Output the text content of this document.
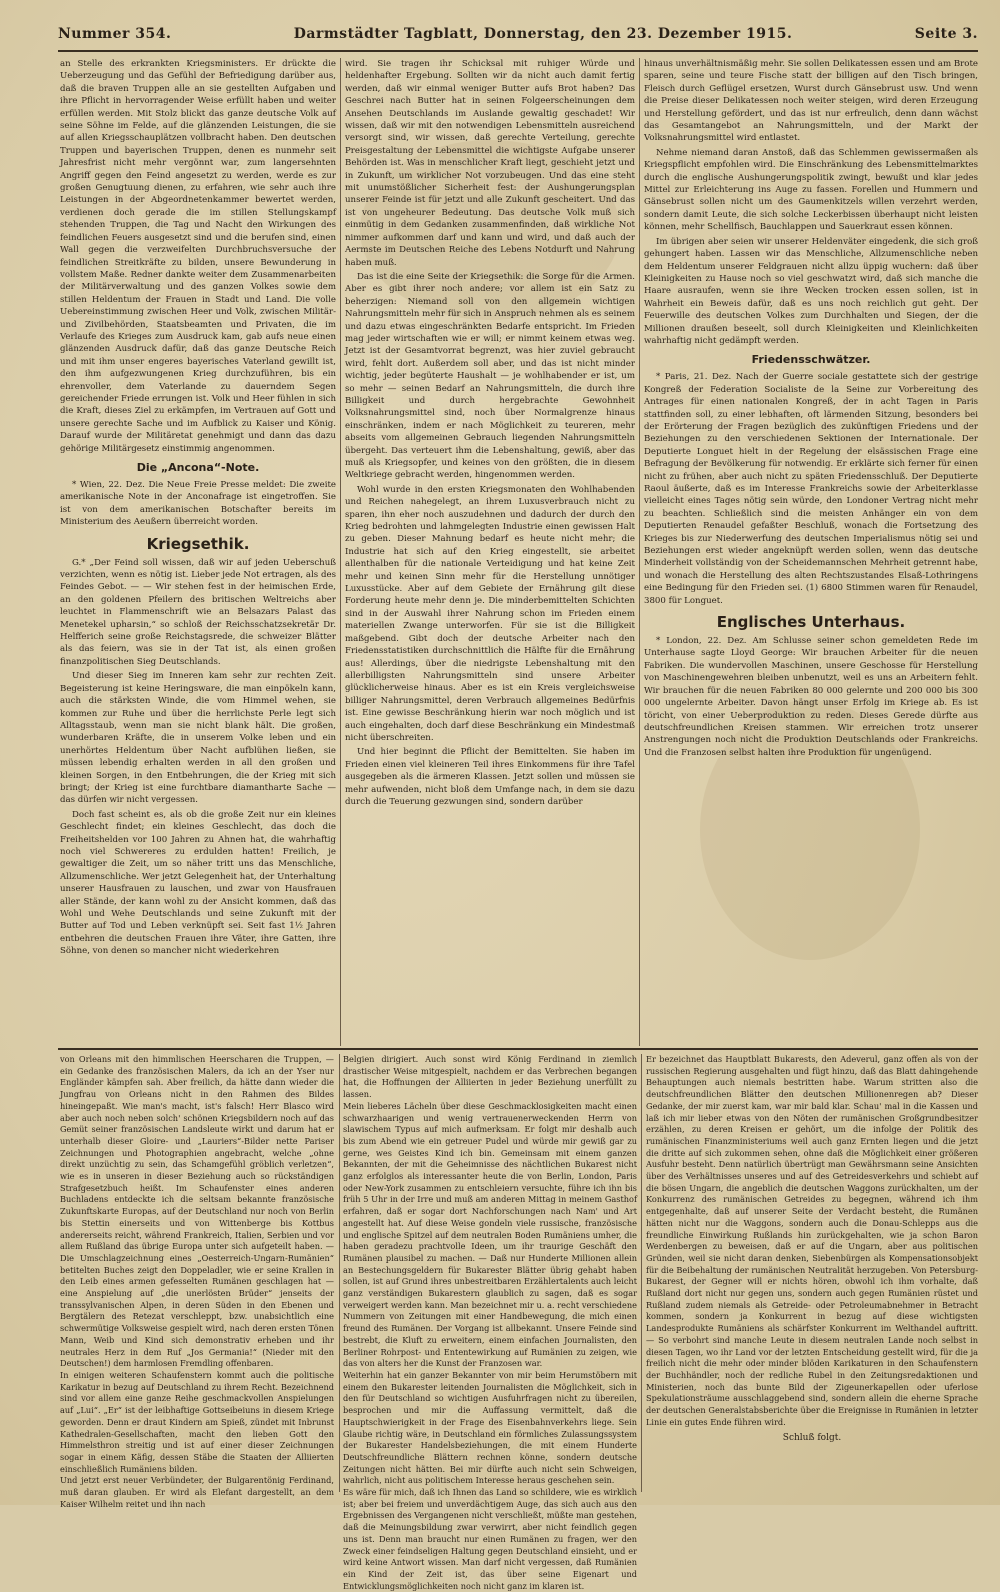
Nummer 354.	Darmstädter Tagblatt, Donnerstag, den 23. Dezember 1915.	Seite 3.

an Stelle des erkrankten Kriegsministers. Er drückte die Ueberzeugung und das Gefühl der Befriedigung darüber aus, daß die braven Truppen alle an sie gestellten Aufgaben und ihre Pflicht in hervorragender Weise erfüllt haben und weiter erfüllen werden. Mit Stolz blickt das ganze deutsche Volk auf seine Söhne im Felde, auf die glänzenden Leistungen, die sie auf allen Kriegsschauplätzen vollbracht haben. Den deutschen Truppen und bayerischen Truppen, denen es nunmehr seit Jahresfrist nicht mehr vergönnt war, zum langersehnten Angriff gegen den Feind angesetzt zu werden, werde es zur großen Genugtuung dienen, zu erfahren, wie sehr auch ihre Leistungen in der Abgeordnetenkammer bewertet werden, verdienen doch gerade die im stillen Stellungskampf stehenden Truppen, die Tag und Nacht den Wirkungen des feindlichen Feuers ausgesetzt sind und die berufen sind, einen Wall gegen die verzweifelten Durchbruchsversuche der feindlichen Streitkräfte zu bilden, unsere Bewunderung in vollstem Maße. Redner dankte weiter dem Zusammenarbeiten der Militärverwaltung und des ganzen Volkes sowie dem stillen Heldentum der Frauen in Stadt und Land. Die volle Uebereinstimmung zwischen Heer und Volk, zwischen Militär- und Zivilbehörden, Staatsbeamten und Privaten, die im Verlaufe des Krieges zum Ausdruck kam, gab aufs neue einen glänzenden Ausdruck dafür, daß das ganze Deutsche Reich und mit ihm unser engeres bayerisches Vaterland gewillt ist, den ihm aufgezwungenen Krieg durchzuführen, bis ein ehrenvoller, dem Vaterlande zu dauerndem Segen gereichender Friede errungen ist. Volk und Heer fühlen in sich die Kraft, dieses Ziel zu erkämpfen, im Vertrauen auf Gott und unsere gerechte Sache und im Aufblick zu Kaiser und König. Darauf wurde der Militäretat genehmigt und dann das dazu gehörige Militärgesetz einstimmig angenommen.

Die „Ancona“-Note.

* Wien, 22. Dez. Die Neue Freie Presse meldet: Die zweite amerikanische Note in der Anconafrage ist eingetroffen. Sie ist von dem amerikanischen Botschafter bereits im Ministerium des Aeußern überreicht worden.

Kriegsethik.

G.* „Der Feind soll wissen, daß wir auf jeden Ueberschuß verzichten, wenn es nötig ist. Lieber jede Not ertragen, als des Feindes Gebot. — — Wir stehen fest in der heimischen Erde, an den goldenen Pfeilern des britischen Weltreichs aber leuchtet in Flammenschrift wie an Belsazars Palast das Menetekel upharsin,“ so schloß der Reichsschatzsekretär Dr. Helfferich seine große Reichstagsrede, die schweizer Blätter als das feiern, was sie in der Tat ist, als einen großen finanzpolitischen Sieg Deutschlands.

Und dieser Sieg im Inneren kam sehr zur rechten Zeit. Begeisterung ist keine Heringsware, die man einpökeln kann, auch die stärksten Winde, die vom Himmel wehen, sie kommen zur Ruhe und über die herrlichste Perle legt sich Alltagsstaub, wenn man sie nicht blank hält. Die großen, wunderbaren Kräfte, die in unserem Volke leben und ein unerhörtes Heldentum über Nacht aufblühen ließen, sie müssen lebendig erhalten werden in all den großen und kleinen Sorgen, in den Entbehrungen, die der Krieg mit sich bringt; der Krieg ist eine furchtbare diamantharte Sache — das dürfen wir nicht vergessen.

Doch fast scheint es, als ob die große Zeit nur ein kleines Geschlecht findet; ein kleines Geschlecht, das doch die Freiheitshelden vor 100 Jahren zu Ahnen hat, die wahrhaftig noch viel Schwereres zu erdulden hatten! Freilich, je gewaltiger die Zeit, um so näher tritt uns das Menschliche, Allzumenschliche. Wer jetzt Gelegenheit hat, der Unterhaltung unserer Hausfrauen zu lauschen, und zwar von Hausfrauen aller Stände, der kann wohl zu der Ansicht kommen, daß das Wohl und Wehe Deutschlands und seine Zukunft mit der Butter auf Tod und Leben verknüpft sei. Seit fast 1½ Jahren entbehren die deutschen Frauen ihre Väter, ihre Gatten, ihre Söhne, von denen so mancher nicht wiederkehren

wird. Sie tragen ihr Schicksal mit ruhiger Würde und heldenhafter Ergebung. Sollten wir da nicht auch damit fertig werden, daß wir einmal weniger Butter aufs Brot haben? Das Geschrei nach Butter hat in seinen Folgeerscheinungen dem Ansehen Deutschlands im Auslande gewaltig geschadet! Wir wissen, daß wir mit den notwendigen Lebensmitteln ausreichend versorgt sind, wir wissen, daß gerechte Verteilung, gerechte Preisgestaltung der Lebensmittel die wichtigste Aufgabe unserer Behörden ist. Was in menschlicher Kraft liegt, geschieht jetzt und in Zukunft, um wirklicher Not vorzubeugen. Und das eine steht mit unumstößlicher Sicherheit fest: der Aushungerungsplan unserer Feinde ist für jetzt und alle Zukunft gescheitert. Und das ist von ungeheurer Bedeutung. Das deutsche Volk muß sich einmütig in dem Gedanken zusammenfinden, daß wirkliche Not nimmer aufkommen darf und kann und wird, und daß auch der Aermste im Deutschen Reiche des Lebens Notdurft und Nahrung haben muß.

Das ist die eine Seite der Kriegsethik: die Sorge für die Armen. Aber es gibt ihrer noch andere; vor allem ist ein Satz zu beherzigen: Niemand soll von den allgemein wichtigen Nahrungsmitteln mehr für sich in Anspruch nehmen als es seinem und dazu etwas eingeschränkten Bedarfe entspricht. Im Frieden mag jeder wirtschaften wie er will; er nimmt keinem etwas weg. Jetzt ist der Gesamtvorrat begrenzt, was hier zuviel gebraucht wird, fehlt dort. Außerdem soll aber, und das ist nicht minder wichtig, jeder begüterte Haushalt — je wohlhabender er ist, um so mehr — seinen Bedarf an Nahrungsmitteln, die durch ihre Billigkeit und durch hergebrachte Gewohnheit Volksnahrungsmittel sind, noch über Normalgrenze hinaus einschränken, indem er nach Möglichkeit zu teureren, mehr abseits vom allgemeinen Gebrauch liegenden Nahrungsmitteln übergeht. Das verteuert ihm die Lebenshaltung, gewiß, aber das muß als Kriegsopfer, und keines von den größten, die in diesem Weltkriege gebracht werden, hingenommen werden.

Wohl wurde in den ersten Kriegsmonaten den Wohlhabenden und Reichen nahegelegt, an ihrem Luxusverbrauch nicht zu sparen, ihn eher noch auszudehnen und dadurch der durch den Krieg bedrohten und lahmgelegten Industrie einen gewissen Halt zu geben. Dieser Mahnung bedarf es heute nicht mehr; die Industrie hat sich auf den Krieg eingestellt, sie arbeitet allenthalben für die nationale Verteidigung und hat keine Zeit mehr und keinen Sinn mehr für die Herstellung unnötiger Luxusstücke. Aber auf dem Gebiete der Ernährung gilt diese Forderung heute mehr denn je. Die minderbemittelten Schichten sind in der Auswahl ihrer Nahrung schon im Frieden einem materiellen Zwange unterworfen. Für sie ist die Billigkeit maßgebend. Gibt doch der deutsche Arbeiter nach den Friedensstatistiken durchschnittlich die Hälfte für die Ernährung aus! Allerdings, über die niedrigste Lebenshaltung mit den allerbilligsten Nahrungsmitteln sind unsere Arbeiter glücklicherweise hinaus. Aber es ist ein Kreis vergleichsweise billiger Nahrungsmittel, deren Verbrauch allgemeines Bedürfnis ist. Eine gewisse Beschränkung hierin war noch möglich und ist auch eingehalten, doch darf diese Beschränkung ein Mindestmaß nicht überschreiten.

Und hier beginnt die Pflicht der Bemittelten. Sie haben im Frieden einen viel kleineren Teil ihres Einkommens für ihre Tafel ausgegeben als die ärmeren Klassen. Jetzt sollen und müssen sie mehr aufwenden, nicht bloß dem Umfange nach, in dem sie dazu durch die Teuerung gezwungen sind, sondern darüber

hinaus unverhältnismäßig mehr. Sie sollen Delikatessen essen und am Brote sparen, seine und teure Fische statt der billigen auf den Tisch bringen, Fleisch durch Geflügel ersetzen, Wurst durch Gänsebrust usw. Und wenn die Preise dieser Delikatessen noch weiter steigen, wird deren Erzeugung und Herstellung gefördert, und das ist nur erfreulich, denn dann wächst das Gesamtangebot an Nahrungsmitteln, und der Markt der Volksnahrungsmittel wird entlastet.

Nehme niemand daran Anstoß, daß das Schlemmen gewissermaßen als Kriegspflicht empfohlen wird. Die Einschränkung des Lebensmittelmarktes durch die englische Aushungerungspolitik zwingt, bewußt und klar jedes Mittel zur Erleichterung ins Auge zu fassen. Forellen und Hummern und Gänsebrust sollen nicht um des Gaumenkitzels willen verzehrt werden, sondern damit Leute, die sich solche Leckerbissen überhaupt nicht leisten können, mehr Schellfisch, Bauchlappen und Sauerkraut essen können.

Im übrigen aber seien wir unserer Heldenväter eingedenk, die sich groß gehungert haben. Lassen wir das Menschliche, Allzumenschliche neben dem Heldentum unserer Feldgrauen nicht allzu üppig wuchern: daß über Kleinigkeiten zu Hause noch so viel geschwatzt wird, daß sich manche die Haare ausraufen, wenn sie ihre Wecken trocken essen sollen, ist in Wahrheit ein Beweis dafür, daß es uns noch reichlich gut geht. Der Feuerwille des deutschen Volkes zum Durchhalten und Siegen, der die Millionen draußen beseelt, soll durch Kleinigkeiten und Kleinlichkeiten wahrhaftig nicht gedämpft werden.

Friedensschwätzer.

* Paris, 21. Dez. Nach der Guerre sociale gestattete sich der gestrige Kongreß der Federation Socialiste de la Seine zur Vorbereitung des Antrages für einen nationalen Kongreß, der in acht Tagen in Paris stattfinden soll, zu einer lebhaften, oft lärmenden Sitzung, besonders bei der Erörterung der Fragen bezüglich des zukünftigen Friedens und der Beziehungen zu den verschiedenen Sektionen der Internationale. Der Deputierte Longuet hielt in der Regelung der elsässischen Frage eine Befragung der Bevölkerung für notwendig. Er erklärte sich ferner für einen nicht zu frühen, aber auch nicht zu späten Friedensschluß. Der Deputierte Raoul äußerte, daß es im Interesse Frankreichs sowie der Arbeiterklasse vielleicht eines Tages nötig sein würde, den Londoner Vertrag nicht mehr zu beachten. Schließlich sind die meisten Anhänger ein von dem Deputierten Renaudel gefaßter Beschluß, wonach die Fortsetzung des Krieges bis zur Niederwerfung des deutschen Imperialismus nötig sei und Beziehungen erst wieder angeknüpft werden sollen, wenn das deutsche Minderheit vollständig von der Scheidemannschen Mehrheit getrennt habe, und wonach die Herstellung des alten Rechtszustandes Elsaß-Lothringens eine Bedingung für den Frieden sei. (1) 6800 Stimmen waren für Renaudel, 3800 für Longuet.

Englisches Unterhaus.

* London, 22. Dez. Am Schlusse seiner schon gemeldeten Rede im Unterhause sagte Lloyd George: Wir brauchen Arbeiter für die neuen Fabriken. Die wundervollen Maschinen, unsere Geschosse für Herstellung von Maschinengewehren bleiben unbenutzt, weil es uns an Arbeitern fehlt. Wir brauchen für die neuen Fabriken 80 000 gelernte und 200 000 bis 300 000 ungelernte Arbeiter. Davon hängt unser Erfolg im Kriege ab. Es ist töricht, von einer Ueberproduktion zu reden. Dieses Gerede dürfte aus deutschfreundlichen Kreisen stammen. Wir erreichen trotz unserer Anstrengungen noch nicht die Produktion Deutschlands oder Frankreichs. Und die Franzosen selbst halten ihre Produktion für ungenügend.

von Orleans mit den himmlischen Heerscharen die Truppen, — ein Gedanke des französischen Malers, da ich an der Yser nur Engländer kämpfen sah. Aber freilich, da hätte dann wieder die Jungfrau von Orleans nicht in den Rahmen des Bildes hineingepaßt. Wie man's macht, ist's falsch! Herr Blasco wird aber auch noch neben solch' schönen Kriegsbildern noch auf das Gemüt seiner französischen Landsleute wirkt und darum hat er unterhalb dieser Gloire- und „Lauriers“-Bilder nette Pariser Zeichnungen und Photographien angebracht, welche „ohne direkt unzüchtig zu sein, das Schamgefühl gröblich verletzen“, wie es in unseren in dieser Beziehung auch so rückständigen Strafgesetzbuch heißt. Im Schaufenster eines anderen Buchladens entdeckte ich die seltsam bekannte französische Zukunftskarte Europas, auf der Deutschland nur noch von Berlin bis Stettin einerseits und von Wittenberge bis Kottbus andererseits reicht, während Frankreich, Italien, Serbien und vor allem Rußland das übrige Europa unter sich aufgeteilt haben. — Die Umschlagzeichnung eines „Oesterreich-Ungarn-Rumänien“ betitelten Buches zeigt den Doppeladler, wie er seine Krallen in den Leib eines armen gefesselten Rumänen geschlagen hat — eine Anspielung auf „die unerlösten Brüder“ jenseits der transsylvanischen Alpen, in deren Süden in den Ebenen und Bergtälern des Retezat verschleppt, bzw. unabsichtlich eine schwermütige Volksweise gespielt wird, nach deren ersten Tönen Mann, Weib und Kind sich demonstrativ erheben und ihr neutrales Herz in dem Ruf „Jos Germania!“ (Nieder mit den Deutschen!) dem harmlosen Fremdling offenbaren.
In einigen weiteren Schaufenstern kommt auch die politische Karikatur in bezug auf Deutschland zu ihrem Recht. Bezeichnend sind vor allem eine ganze Reihe geschmackvollen Anspielungen auf „Lui“. „Er“ ist der leibhaftige Gottseibeiuns in diesem Kriege geworden. Denn er draut Kindern am Spieß, zündet mit Inbrunst Kathedralen-Gesellschaften, macht den lieben Gott den Himmelsthron streitig und ist auf einer dieser Zeichnungen sogar in einem Käfig, dessen Stäbe die Staaten der Alliierten einschließlich Rumäniens bilden.
Und jetzt erst neuer Verbündeter, der Bulgarentönig Ferdinand, muß daran glauben. Er wird als Elefant dargestellt, an dem Kaiser Wilhelm reitet und ihn nach

Belgien dirigiert. Auch sonst wird König Ferdinand in ziemlich drastischer Weise mitgespielt, nachdem er das Verbrechen begangen hat, die Hoffnungen der Alliierten in jeder Beziehung unerfüllt zu lassen.
Mein lieberes Lächeln über diese Geschmacklosigkeiten macht einen schwarzhaarigen und wenig vertrauenerweckenden Herrn von slawischem Typus auf mich aufmerksam. Er folgt mir deshalb auch bis zum Abend wie ein getreuer Pudel und würde mir gewiß gar zu gerne, wes Geistes Kind ich bin. Gemeinsam mit einem ganzen Bekannten, der mit die Geheimnisse des nächtlichen Bukarest nicht ganz erfolglos als interessanter heute die von Berlin, London, Paris oder New-York zusammen zu entschleiern versuchte, führe ich ihn bis früh 5 Uhr in der Irre und muß am anderen Mittag in meinem Gasthof erfahren, daß er sogar dort Nachforschungen nach Nam' und Art angestellt hat. Auf diese Weise gondeln viele russische, französische und englische Spitzel auf dem neutralen Boden Rumäniens umher, die haben geradezu prachtvolle Ideen, um ihr traurige Geschäft den Rumänen plausibel zu machen. — Daß nur Hunderte Millionen allein an Bestechungsgeldern für Bukarester Blätter übrig gehabt haben sollen, ist auf Grund ihres unbestreitbaren Erzählertalents auch leicht ganz verständigen Bukarestern glaublich zu sagen, daß es sogar verweigert werden kann. Man bezeichnet mir u. a. recht verschiedene Nummern von Zeitungen mit einer Handbewegung, die mich einen freund des Rumänen. Der Vorgang ist allbekannt. Unsere Feinde sind bestrebt, die Kluft zu erweitern, einem einfachen Journalisten, den Berliner Rohrpost- und Ententewirkung auf Rumänien zu zeigen, wie das von alters her die Kunst der Franzosen war.
Weiterhin hat ein ganzer Bekannter von mir beim Herumstöbern mit einem den Bukarester leitenden Journalisten die Möglichkeit, sich in den für Deutschland so wichtigen Ausfuhrfragen nicht zu übereilen, besprochen und mir die Auffassung vermittelt, daß die Hauptschwierigkeit in der Frage des Eisenbahnverkehrs liege. Sein Glaube richtig wäre, in Deutschland ein förmliches Zulassungssystem der Bukarester Handelsbeziehungen, die mit einem Hunderte Deutschfreundliche Blättern rechnen könne, sondern deutsche Zeitungen nicht hätten. Bei mir dürfte auch nicht sein Schweigen, wahrlich, nicht aus politischem Interesse heraus geschehen sein.
Es wäre für mich, daß ich Ihnen das Land so schildere, wie es wirklich ist; aber bei freiem und unverdächtigem Auge, das sich auch aus den Ergebnissen des Vergangenen nicht verschließt, müßte man gestehen, daß die Meinungsbildung zwar verwirrt, aber nicht feindlich gegen uns ist. Denn man braucht nur einen Rumänen zu fragen, wer den Zweck einer feindseligen Haltung gegen Deutschland einsieht, und er wird keine Antwort wissen. Man darf nicht vergessen, daß Rumänien ein Kind der Zeit ist, das über seine Eigenart und Entwicklungsmöglichkeiten noch nicht ganz im klaren ist.

Er bezeichnet das Hauptblatt Bukarests, den Adeverul, ganz offen als von der russischen Regierung ausgehalten und fügt hinzu, daß das Blatt dahingehende Behauptungen auch niemals bestritten habe. Warum stritten also die deutschfreundlichen Blätter den deutschen Millionenregen ab? Dieser Gedanke, der mir zuerst kam, war mir bald klar. Schau' mal in die Kassen und laß ich mir lieber etwas von den Nöten der rumänischen Großgrundbesitzer erzählen, zu deren Kreisen er gehört, um die infolge der Politik des rumänischen Finanzministeriums weil auch ganz Ernten liegen und die jetzt die dritte auf sich zukommen sehen, ohne daß die Möglichkeit einer größeren Ausfuhr besteht. Denn natürlich übertrügt man Gewährsmann seine Ansichten über des Verhältnisses unseres und auf des Getreidesverkehrs und schiebt auf die bösen Ungarn, die angeblich die deutschen Waggons zurückhalten, um der Konkurrenz des rumänischen Getreides zu begegnen, während ich ihm entgegenhalte, daß auf unserer Seite der Verdacht besteht, die Rumänen hätten nicht nur die Waggons, sondern auch die Donau-Schlepps aus die freundliche Einwirkung Rußlands hin zurückgehalten, wie ja schon Baron Werdenbergen zu beweisen, daß er auf die Ungarn, aber aus politischen Gründen, weil sie nicht daran denken, Siebenbürgen als Kompensationsobjekt für die Beibehaltung der rumänischen Neutralität herzugeben. Von Petersburg-Bukarest, der Gegner will er nichts hören, obwohl ich ihm vorhalte, daß Rußland dort nicht nur gegen uns, sondern auch gegen Rumänien rüstet und Rußland zudem niemals als Getreide- oder Petroleumabnehmer in Betracht kommen, sondern ja Konkurrent in bezug auf diese wichtigsten Landesprodukte Rumäniens als schärfster Konkurrent im Welthandel auftritt. — So verbohrt sind manche Leute in diesem neutralen Lande noch selbst in diesen Tagen, wo ihr Land vor der letzten Entscheidung gestellt wird, für die ja freilich nicht die mehr oder minder blöden Karikaturen in den Schaufenstern der Buchhändler, noch der redliche Rubel in den Zeitungsredaktionen und Ministerien, noch das bunte Bild der Zigeunerkapellen oder uferlose Spekulationsträume ausschlaggebend sind, sondern allein die eherne Sprache der deutschen Generalstabsberichte über die Ereignisse in Rumänien in letzter Linie ein gutes Ende führen wird.

Schluß folgt.
